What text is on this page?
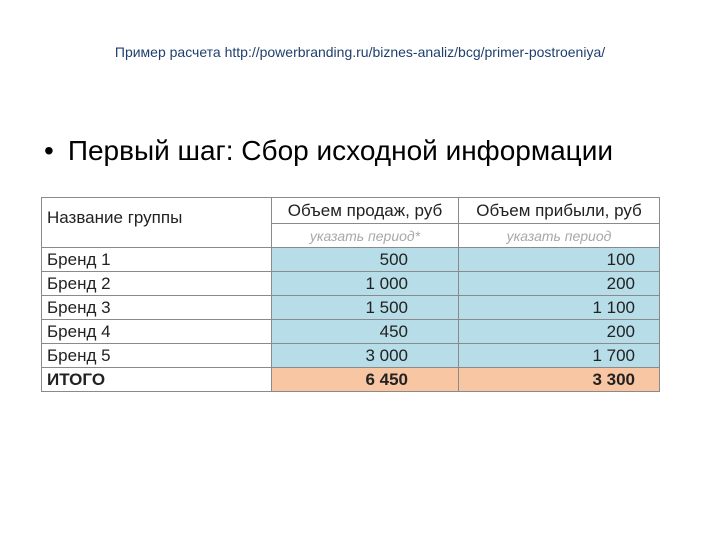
Пример расчета http://powerbranding.ru/biznes-analiz/bcg/primer-postroeniya/
• Первый шаг: Сбор исходной информации
Название группы	Объем продаж, руб	Объем прибыли, руб
	указать период*	указать период
Бренд 1	500	100
Бренд 2	1 000	200
Бренд 3	1 500	1 100
Бренд 4	450	200
Бренд 5	3 000	1 700
ИТОГО	6 450	3 300
